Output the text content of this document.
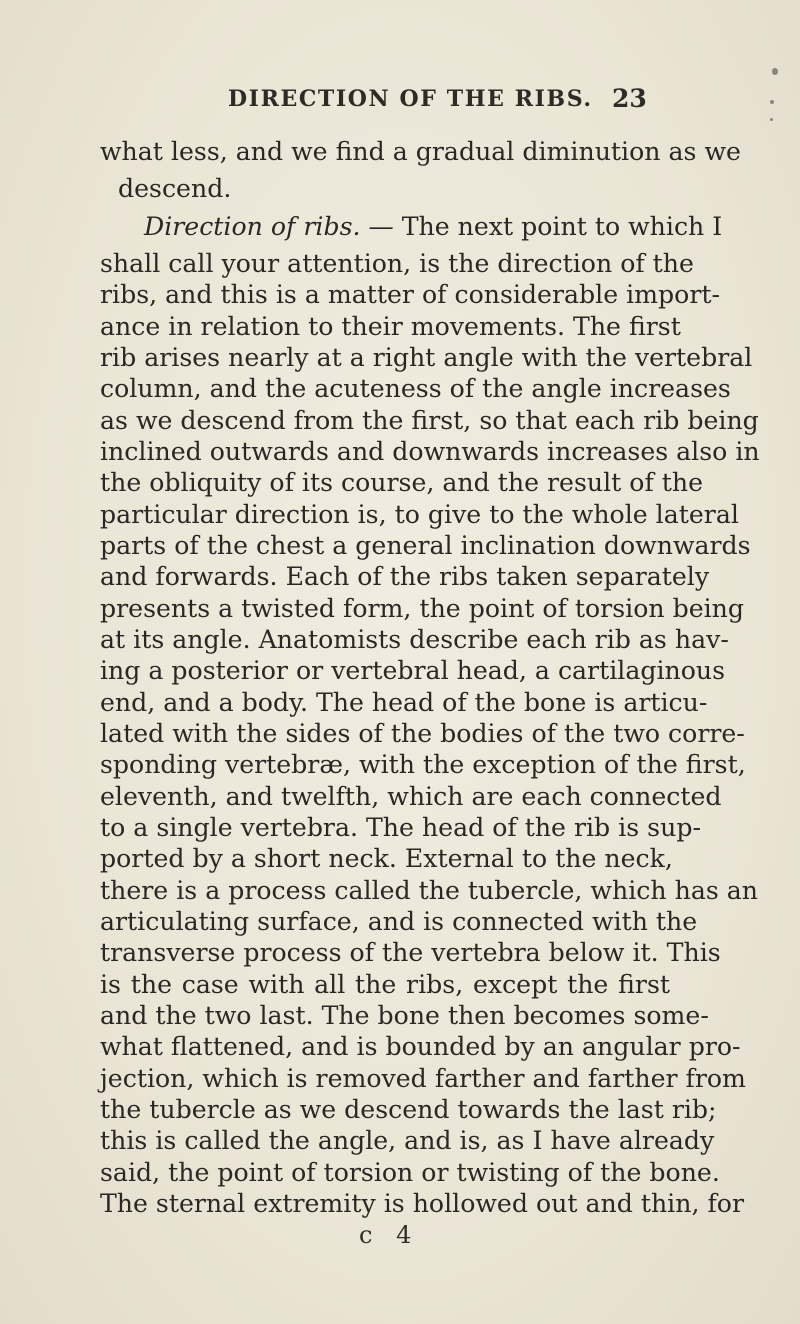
DIRECTION OF THE RIBS. 23
what less, and we find a gradual diminution as we
descend.
Direction of ribs. — The next point to which I
shall call your attention, is the direction of the
ribs, and this is a matter of considerable import-
ance in relation to their movements. The first
rib arises nearly at a right angle with the vertebral
column, and the acuteness of the angle increases
as we descend from the first, so that each rib being
inclined outwards and downwards increases also in
the obliquity of its course, and the result of the
particular direction is, to give to the whole lateral
parts of the chest a general inclination downwards
and forwards. Each of the ribs taken separately
presents a twisted form, the point of torsion being
at its angle. Anatomists describe each rib as hav-
ing a posterior or vertebral head, a cartilaginous
end, and a body. The head of the bone is articu-
lated with the sides of the bodies of the two corre-
sponding vertebræ, with the exception of the first,
eleventh, and twelfth, which are each connected
to a single vertebra. The head of the rib is sup-
ported by a short neck. External to the neck,
there is a process called the tubercle, which has an
articulating surface, and is connected with the
transverse process of the vertebra below it. This
is the case with all the ribs, except the first
and the two last. The bone then becomes some-
what flattened, and is bounded by an angular pro-
jection, which is removed farther and farther from
the tubercle as we descend towards the last rib;
this is called the angle, and is, as I have already
said, the point of torsion or twisting of the bone.
The sternal extremity is hollowed out and thin, for
c 4
